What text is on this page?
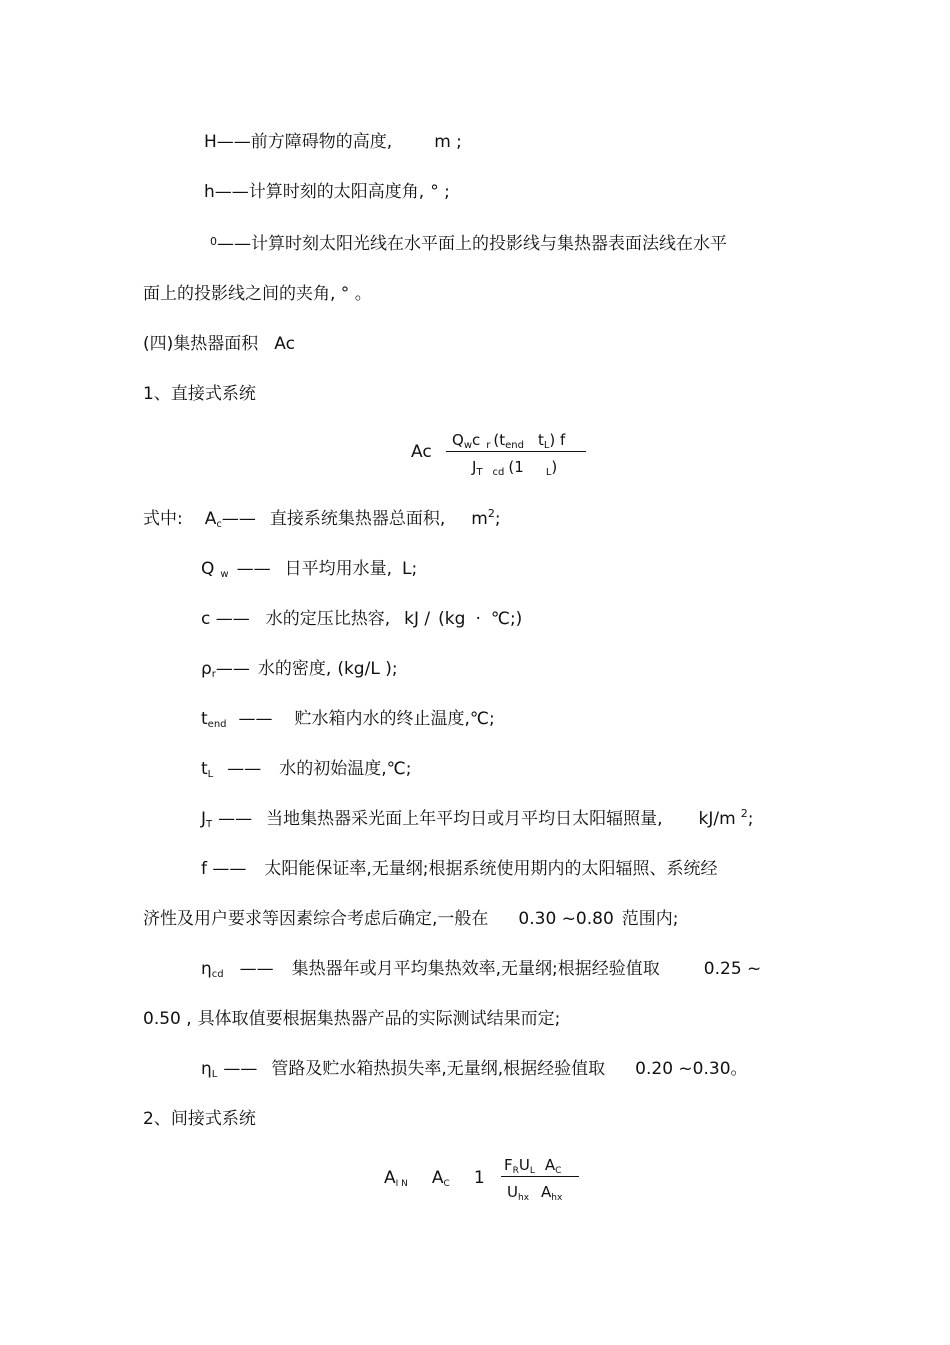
H——前方障碍物的高度, m ;
h——计算时刻的太阳高度角, ° ;
$^0$——计算时刻太阳光线在水平面上的投影线与集热器表面法线在水平
面上的投影线之间的夹角, ° 。
(四)集热器面积 Ac
1、直接式系统
Ac
$Q_wc$ $_r$ ($t_{end}$ $t_L$) f
$J_T$ $_{cd}$ (1 $_L$)
式中: Ac—— 直接系统集热器总面积, $m^2$;
Qw —— 日平均用水量, L;
c —— 水的定压比热容, kJ / (kg · ℃;)
ρr—— 水的密度, (kg/L );
tend —— 贮水箱内水的终止温度,℃;
tL —— 水的初始温度,℃;
JT —— 当地集热器采光面上年平均日或月平均日太阳辐照量, kJ/m $^2$;
f —— 太阳能保证率,无量纲;根据系统使用期内的太阳辐照、系统经
济性及用户要求等因素综合考虑后确定,一般在 0.30 ~0.80 范围内;
ηcd —— 集热器年或月平均集热效率,无量纲;根据经验值取	0.25 ~
0.50 , 具体取值要根据集热器产品的实际测试结果而定;
ηL —— 管路及贮水箱热损失率,无量纲,根据经验值取 0.20 ~0.30。
2、间接式系统
AI N AC 1
$F_RU_L$ $A_C$
$U_{hx}$ $A_{hx}$
